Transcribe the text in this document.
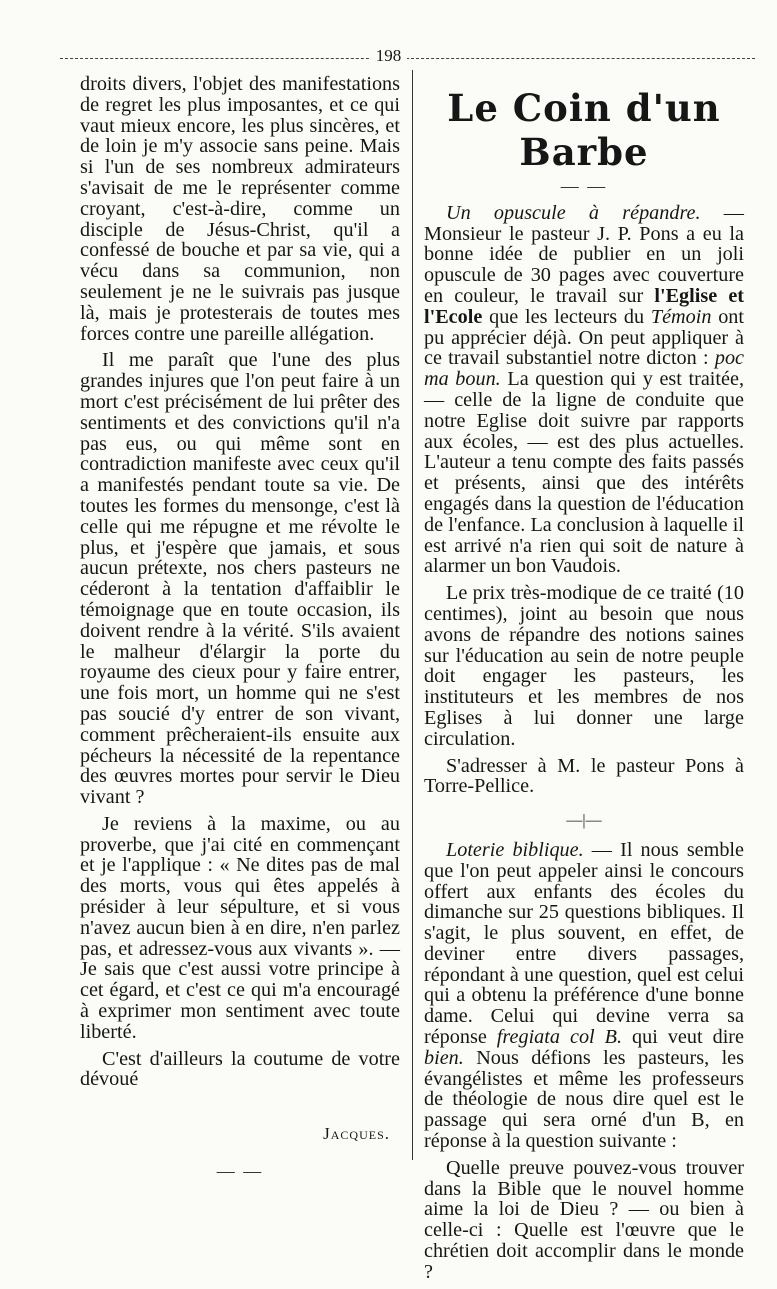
198

droits divers, l'objet des manifestations de regret les plus imposantes, et ce qui vaut mieux encore, les plus sincères, et de loin je m'y associe sans peine. Mais si l'un de ses nombreux admirateurs s'avisait de me le représenter comme croyant, c'est-à-dire, comme un disciple de Jésus-Christ, qu'il a confessé de bouche et par sa vie, qui a vécu dans sa communion, non seulement je ne le suivrais pas jusque là, mais je protesterais de toutes mes forces contre une pareille allégation.

Il me paraît que l'une des plus grandes injures que l'on peut faire à un mort c'est précisément de lui prêter des sentiments et des convictions qu'il n'a pas eus, ou qui même sont en contradiction manifeste avec ceux qu'il a manifestés pendant toute sa vie. De toutes les formes du mensonge, c'est là celle qui me répugne et me révolte le plus, et j'espère que jamais, et sous aucun prétexte, nos chers pasteurs ne céderont à la tentation d'affaiblir le témoignage que en toute occasion, ils doivent rendre à la vérité. S'ils avaient le malheur d'élargir la porte du royaume des cieux pour y faire entrer, une fois mort, un homme qui ne s'est pas soucié d'y entrer de son vivant, comment prêcheraient-ils ensuite aux pécheurs la nécessité de la repentance des œuvres mortes pour servir le Dieu vivant ?

Je reviens à la maxime, ou au proverbe, que j'ai cité en commençant et je l'applique : « Ne dites pas de mal des morts, vous qui êtes appelés à présider à leur sépulture, et si vous n'avez aucun bien à en dire, n'en parlez pas, et adressez-vous aux vivants ». — Je sais que c'est aussi votre principe à cet égard, et c'est ce qui m'a encouragé à exprimer mon sentiment avec toute liberté.

C'est d'ailleurs la coutume de votre dévoué

Jacques.
— —
Le Coin d'un Barbe
— —

Un opuscule à répandre. — Monsieur le pasteur J. P. Pons a eu la bonne idée de publier en un joli opuscule de 30 pages avec couverture en couleur, le travail sur l'Eglise et l'Ecole que les lecteurs du Témoin ont pu apprécier déjà. On peut appliquer à ce travail substantiel notre dicton : poc ma boun. La question qui y est traitée, — celle de la ligne de conduite que notre Eglise doit suivre par rapports aux écoles, — est des plus actuelles. L'auteur a tenu compte des faits passés et présents, ainsi que des intérêts engagés dans la question de l'éducation de l'enfance. La conclusion à laquelle il est arrivé n'a rien qui soit de nature à alarmer un bon Vaudois.

Le prix très-modique de ce traité (10 centimes), joint au besoin que nous avons de répandre des notions saines sur l'éducation au sein de notre peuple doit engager les pasteurs, les instituteurs et les membres de nos Eglises à lui donner une large circulation.

S'adresser à M. le pasteur Pons à Torre-Pellice.

—|—

Loterie biblique. — Il nous semble que l'on peut appeler ainsi le concours offert aux enfants des écoles du dimanche sur 25 questions bibliques. Il s'agit, le plus souvent, en effet, de deviner entre divers passages, répondant à une question, quel est celui qui a obtenu la préférence d'une bonne dame. Celui qui devine verra sa réponse fregiata col B. qui veut dire bien. Nous défions les pasteurs, les évangélistes et même les professeurs de théologie de nous dire quel est le passage qui sera orné d'un B, en réponse à la question suivante :

Quelle preuve pouvez-vous trouver dans la Bible que le nouvel homme aime la loi de Dieu ? — ou bien à celle-ci : Quelle est l'œuvre que le chrétien doit accomplir dans le monde ?
